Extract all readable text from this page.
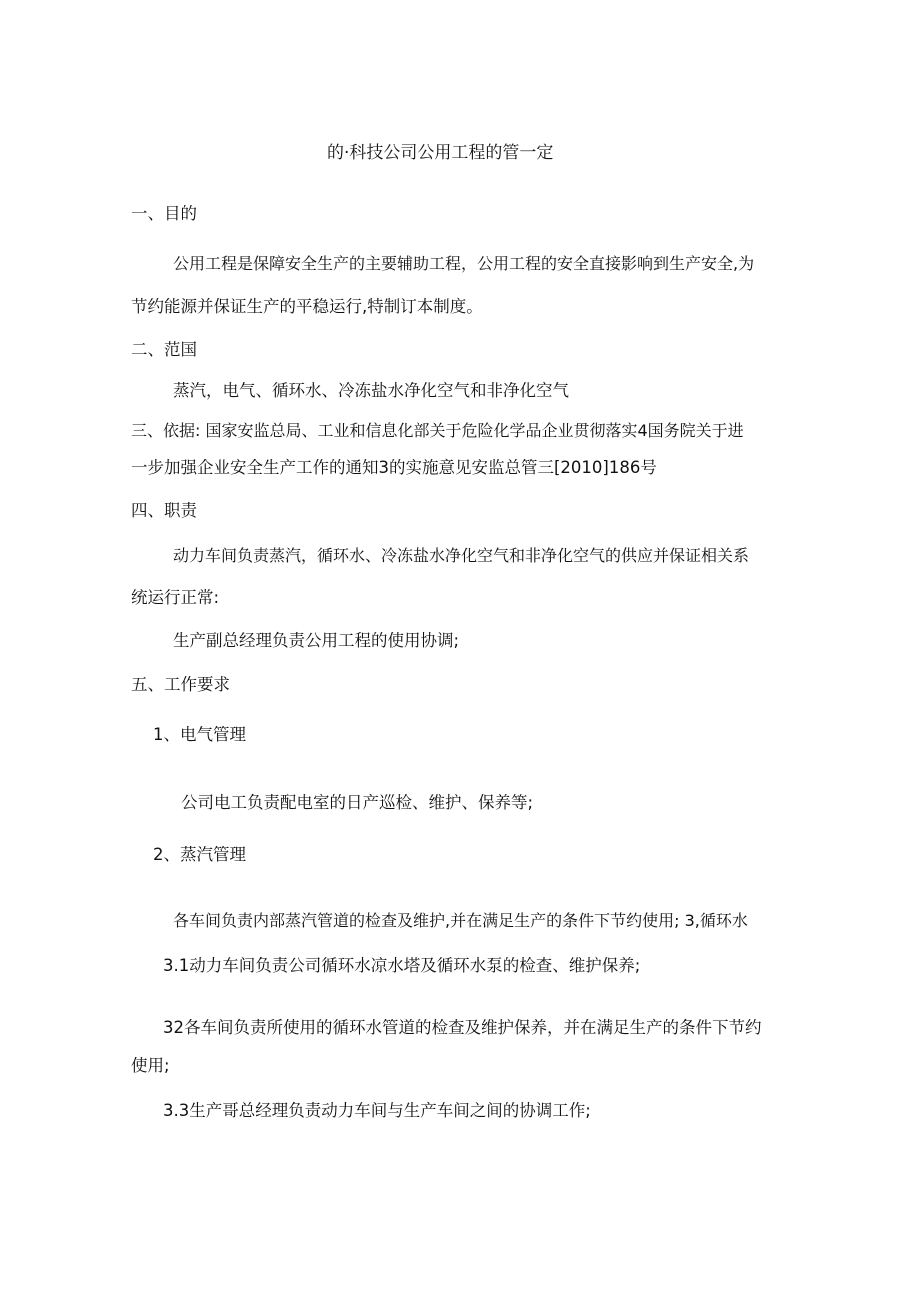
的·科技公司公用工程的管一定
一、目的
公用工程是保障安全生产的主要辅助工程，公用工程的安全直接影响到生产安全,为
节约能源并保证生产的平稳运行,特制订本制度。
二、范国
蒸汽，电气、循环水、冷冻盐水净化空气和非净化空气
三、依据: 国家安监总局、工业和信息化部关于危险化学品企业贯彻落实4国务院关于进
一步加强企业安全生产工作的通知3的实施意见安监总管三[2010]186号
四、职责
动力车间负责蒸汽，循环水、冷冻盐水净化空气和非净化空气的供应并保证相关系
统运行正常:
生产副总经理负责公用工程的使用协调;
五、工作要求
1、电气管理
公司电工负责配电室的日产巡检、维护、保养等;
2、蒸汽管理
各车间负责内部蒸汽管道的检查及维护,并在满足生产的条件下节约使用; 3,循环水
3.1动力车间负责公司循环水凉水塔及循环水泵的检查、维护保养;
32各车间负责所使用的循环水管道的检查及维护保养，并在满足生产的条件下节约
使用;
3.3生产哥总经理负责动力车间与生产车间之间的协调工作;
